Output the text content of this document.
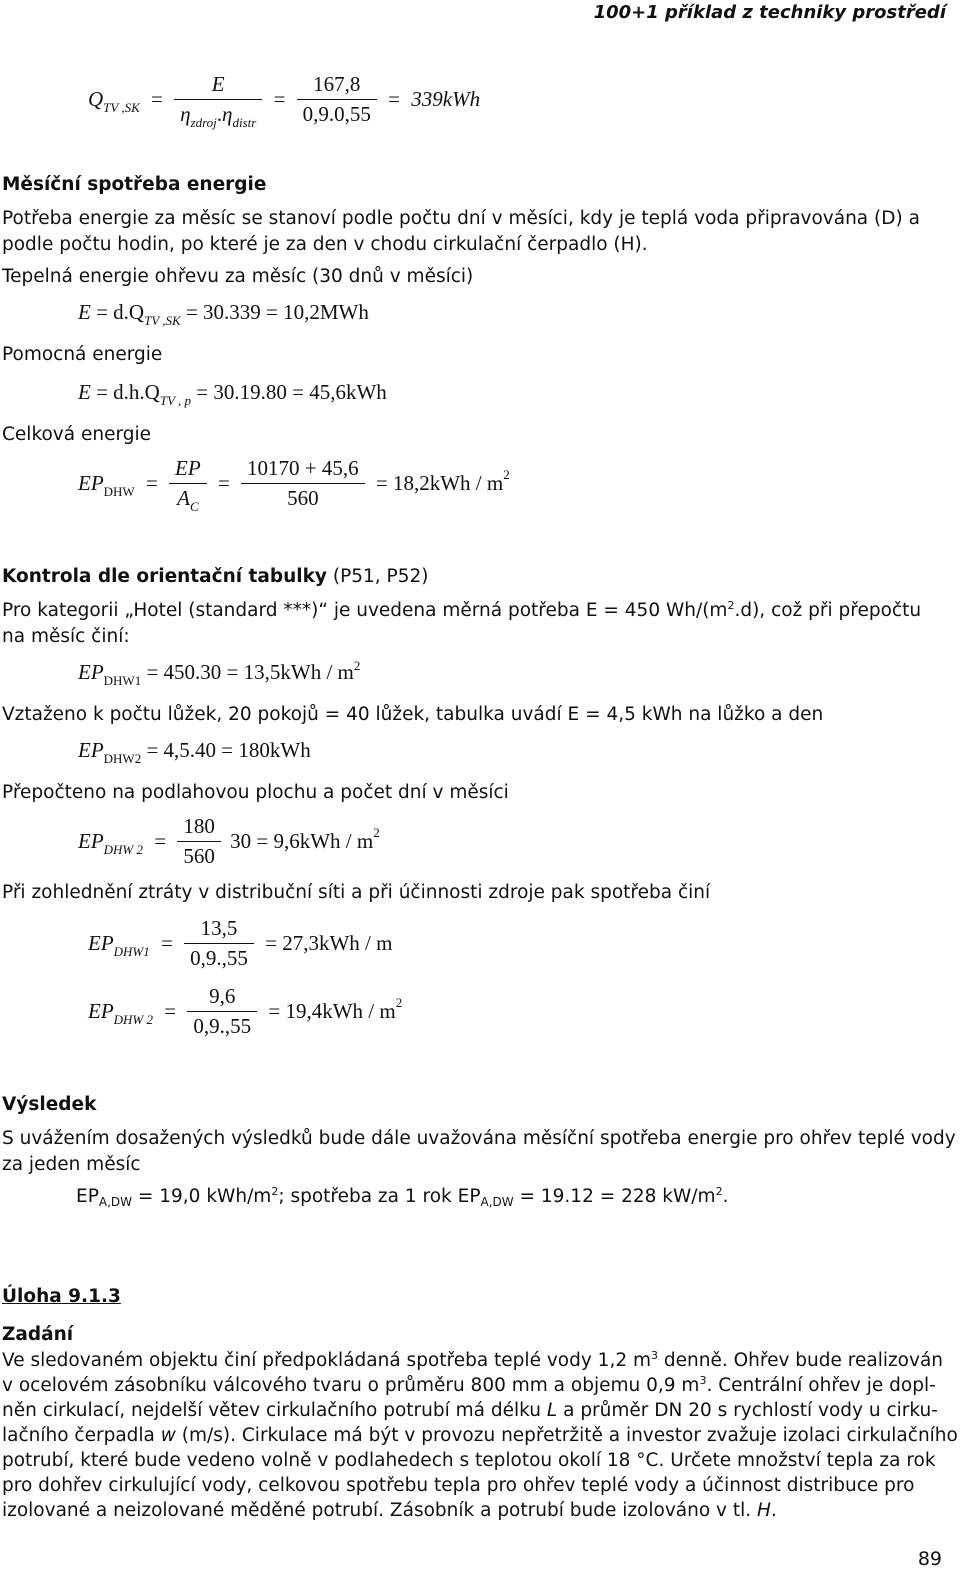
100+1 příklad z techniky prostředí
$Q_{TV ,SK} = \frac{E}{\eta_{zdroj}.\eta_{distr}} = \frac{167,8}{0,9.0,55} = 339kWh$
Měsíční spotřeba energie
Potřeba energie za měsíc se stanoví podle počtu dní v měsíci, kdy je teplá voda připravována (D) a
podle počtu hodin, po které je za den v chodu cirkulační čerpadlo (H).
Tepelná energie ohřevu za měsíc (30 dnů v měsíci)
$E = d.Q_{TV ,SK} = 30.339 = 10,2MWh$
Pomocná energie
$E = d.h.Q_{TV , p} = 30.19.80 = 45,6kWh$
Celková energie
$EP_{DHW} = \frac{EP}{A_C} = \frac{10170 + 45,6}{560} = 18,2kWh / m^2$
Kontrola dle orientační tabulky (P51, P52)
Pro kategorii „Hotel (standard ***)“ je uvedena měrná potřeba E = 450 $Wh/(m^2.d)$, což při přepočtu
na měsíc činí:
$EP_{DHW1} = 450.30 = 13,5kWh / m^2$
Vztaženo k počtu lůžek, 20 pokojů = 40 lůžek, tabulka uvádí E = 4,5 kWh na lůžko a den
$EP_{DHW2} = 4,5.40 = 180kWh$
Přepočteno na podlahovou plochu a počet dní v měsíci
$EP_{DHW 2} = \frac{180}{560} 30 = 9,6kWh / m^2$
Při zohlednění ztráty v distribuční síti a při účinnosti zdroje pak spotřeba činí
$EP_{DHW1} = \frac{13,5}{0,9.,55} = 27,3kWh / m$
$EP_{DHW 2} = \frac{9,6}{0,9.,55} = 19,4kWh / m^2$
Výsledek
S uvážením dosažených výsledků bude dále uvažována měsíční spotřeba energie pro ohřev teplé vody
za jeden měsíc
$EP_{A,DW} = 19,0$ kWh/$m^2$; spotřeba za 1 rok $EP_{A,DW} = 19.12 = 228$ $kW/m^2$.
Úloha 9.1.3
Zadání
Ve sledovaném objektu činí předpokládaná spotřeba teplé vody 1,2 $m^3$ denně. Ohřev bude realizován
v ocelovém zásobníku válcového tvaru o průměru 800 mm a objemu 0,9 $m^3$. Centrální ohřev je dopl-
něn cirkulací, nejdelší větev cirkulačního potrubí má délku L a průměr DN 20 s rychlostí vody u cirku-
lačního čerpadla w (m/s). Cirkulace má být v provozu nepřetržitě a investor zvažuje izolaci cirkulačního
potrubí, které bude vedeno volně v podlahedech s teplotou okolí 18 °C. Určete množství tepla za rok
pro dohřev cirkulující vody, celkovou spotřebu tepla pro ohřev teplé vody a účinnost distribuce pro
izolované a neizolované měděné potrubí. Zásobník a potrubí bude izolováno v tl. H.
89
